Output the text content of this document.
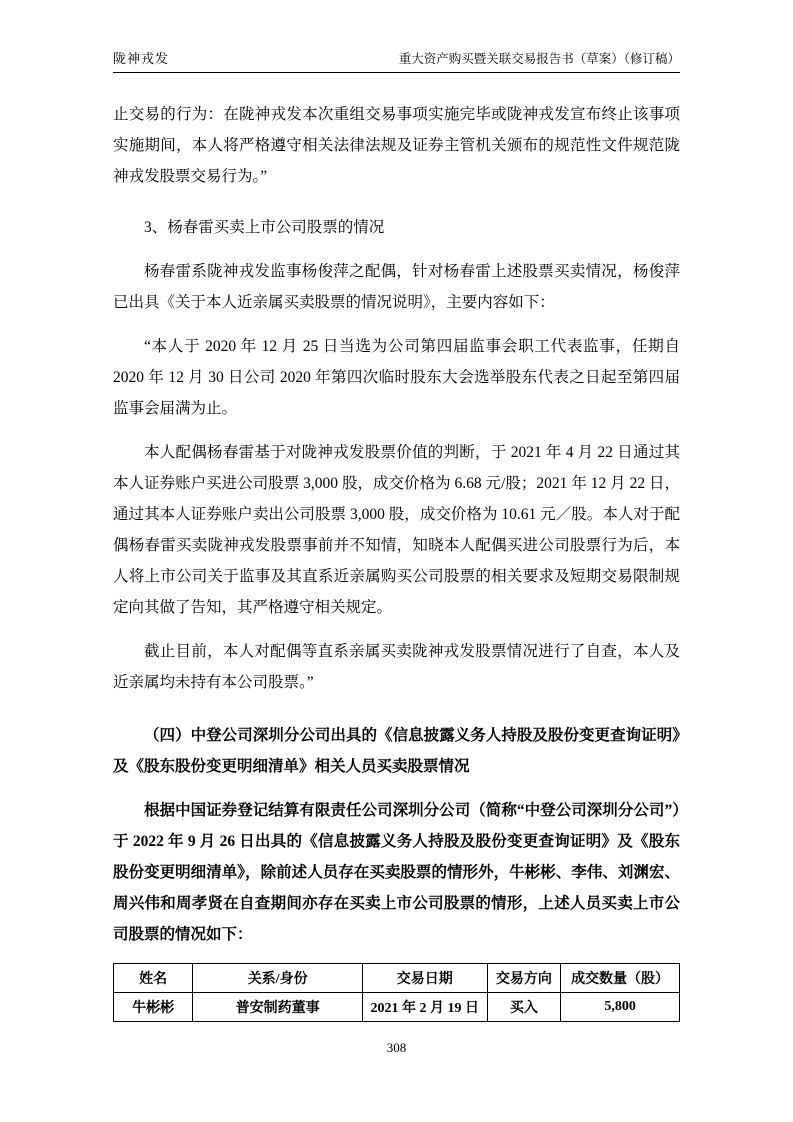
陇神戎发	重大资产购买暨关联交易报告书（草案）（修订稿）

止交易的行为：在陇神戎发本次重组交易事项实施完毕或陇神戎发宣布终止该事项实施期间，本人将严格遵守相关法律法规及证券主管机关颁布的规范性文件规范陇神戎发股票交易行为。”

3、杨春雷买卖上市公司股票的情况

杨春雷系陇神戎发监事杨俊萍之配偶，针对杨春雷上述股票买卖情况，杨俊萍已出具《关于本人近亲属买卖股票的情况说明》，主要内容如下：

“本人于 2020 年 12 月 25 日当选为公司第四届监事会职工代表监事，任期自 2020 年 12 月 30 日公司 2020 年第四次临时股东大会选举股东代表之日起至第四届监事会届满为止。

本人配偶杨春雷基于对陇神戎发股票价值的判断，于 2021 年 4 月 22 日通过其本人证券账户买进公司股票 3,000 股，成交价格为 6.68 元/股；2021 年 12 月 22 日，通过其本人证券账户卖出公司股票 3,000 股，成交价格为 10.61 元／股。本人对于配偶杨春雷买卖陇神戎发股票事前并不知情，知晓本人配偶买进公司股票行为后，本人将上市公司关于监事及其直系近亲属购买公司股票的相关要求及短期交易限制规定向其做了告知，其严格遵守相关规定。

截止目前，本人对配偶等直系亲属买卖陇神戎发股票情况进行了自查，本人及近亲属均未持有本公司股票。”

（四）中登公司深圳分公司出具的《信息披露义务人持股及股份变更查询证明》及《股东股份变更明细清单》相关人员买卖股票情况

根据中国证券登记结算有限责任公司深圳分公司（简称“中登公司深圳分公司”）于 2022 年 9 月 26 日出具的《信息披露义务人持股及股份变更查询证明》及《股东股份变更明细清单》，除前述人员存在买卖股票的情形外，牛彬彬、李伟、刘渊宏、周兴伟和周孝贤在自查期间亦存在买卖上市公司股票的情形，上述人员买卖上市公司股票的情况如下：

姓名	关系/身份	交易日期	交易方向	成交数量（股）
牛彬彬	普安制药董事	2021 年 2 月 19 日	买入	5,800
308
